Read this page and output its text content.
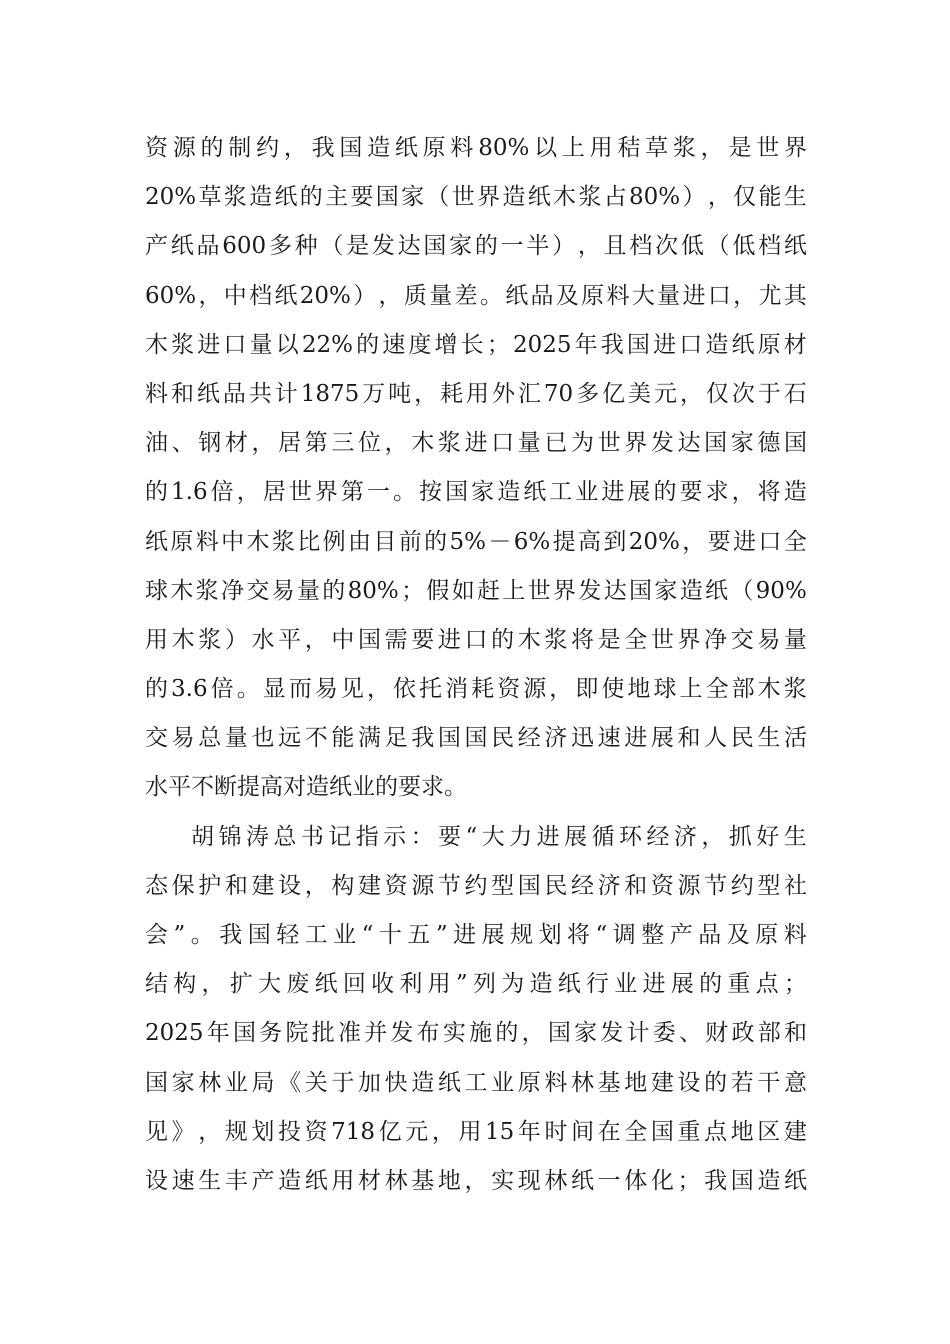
资 源 的 制 约 ， 我 国 造 纸 原 料 80% 以 上 用 秸 草 浆 ， 是 世 界
20% 草 浆 造 纸 的 主 要 国 家 （ 世 界 造 纸 木 浆 占 80% ） ， 仅 能 生
产 纸 品 600 多 种 （ 是 发 达 国 家 的 一 半 ） ， 且 档 次 低 （ 低 档 纸
60% ， 中 档 纸 20% ） ， 质 量 差 。 纸 品 及 原 料 大 量 进 口 ， 尤 其
木 浆 进 口 量 以 22% 的 速 度 增 长 ； 2025 年 我 国 进 口 造 纸 原 材
料 和 纸 品 共 计 1875 万 吨 ， 耗 用 外 汇 70 多 亿 美 元 ， 仅 次 于 石
油 、 钢 材 ， 居 第 三 位 ， 木 浆 进 口 量 已 为 世 界 发 达 国 家 德 国
的 1.6 倍 ， 居 世 界 第 一 。 按 国 家 造 纸 工 业 进 展 的 要 求 ， 将 造
纸 原 料 中 木 浆 比 例 由 目 前 的 5% － 6% 提 高 到 20% ， 要 进 口 全
球 木 浆 净 交 易 量 的 80% ； 假 如 赶 上 世 界 发 达 国 家 造 纸 （ 90%
用 木 浆 ） 水 平 ， 中 国 需 要 进 口 的 木 浆 将 是 全 世 界 净 交 易 量
的 3.6 倍 。 显 而 易 见 ， 依 托 消 耗 资 源 ， 即 使 地 球 上 全 部 木 浆
交 易 总 量 也 远 不 能 满 足 我 国 国 民 经 济 迅 速 进 展 和 人 民 生 活
水平不断提高对造纸业的要求。
胡 锦 涛 总 书 记 指 示 ： 要 “ 大 力 进 展 循 环 经 济 ， 抓 好 生
态 保 护 和 建 设 ， 构 建 资 源 节 约 型 国 民 经 济 和 资 源 节 约 型 社
会 ” 。 我 国 轻 工 业 “ 十 五 ” 进 展 规 划 将 “ 调 整 产 品 及 原 料
结 构 ， 扩 大 废 纸 回 收 利 用 ” 列 为 造 纸 行 业 进 展 的 重 点 ；
2025 年 国 务 院 批 准 并 发 布 实 施 的 ， 国 家 发 计 委 、 财 政 部 和
国 家 林 业 局 《 关 于 加 快 造 纸 工 业 原 料 林 基 地 建 设 的 若 干 意
见 》 ， 规 划 投 资 718 亿 元 ， 用 15 年 时 间 在 全 国 重 点 地 区 建
设 速 生 丰 产 造 纸 用 材 林 基 地 ， 实 现 林 纸 一 体 化 ； 我 国 造 纸
